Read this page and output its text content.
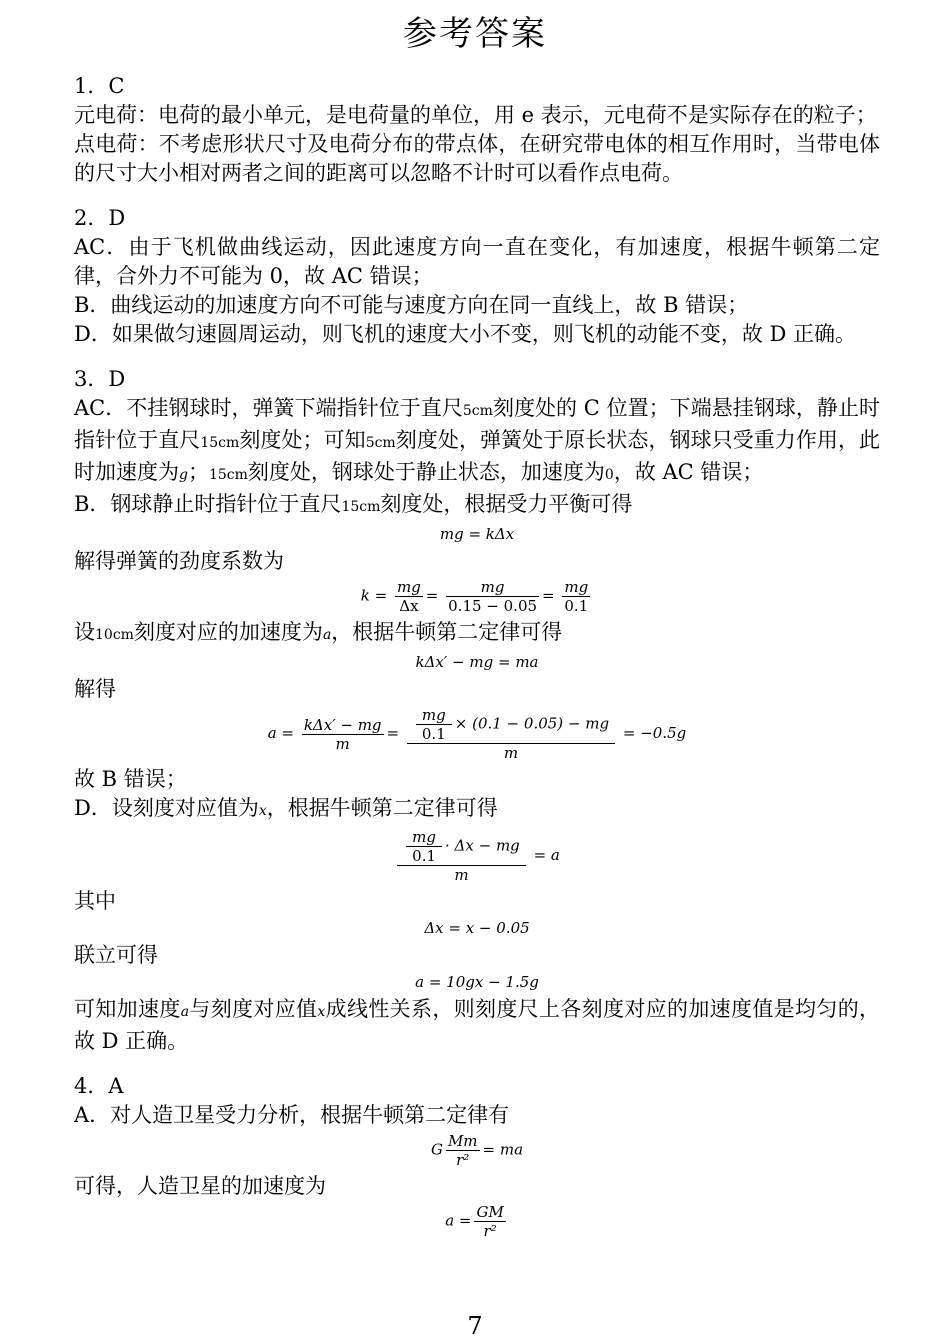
参考答案

1．C

元电荷：电荷的最小单元，是电荷量的单位，用 e 表示，元电荷不是实际存在的粒子；

点电荷：不考虑形状尺寸及电荷分布的带点体，在研究带电体的相互作用时，当带电体的尺寸大小相对两者之间的距离可以忽略不计时可以看作点电荷。

2．D

AC．由于飞机做曲线运动，因此速度方向一直在变化，有加速度，根据牛顿第二定律，合外力不可能为 0，故 AC 错误；

B．曲线运动的加速度方向不可能与速度方向在同一直线上，故 B 错误；

D．如果做匀速圆周运动，则飞机的速度大小不变，则飞机的动能不变，故 D 正确。

3．D

AC．不挂钢球时，弹簧下端指针位于直尺5cm刻度处的 C 位置；下端悬挂钢球，静止时指针位于直尺15cm刻度处；可知5cm刻度处，弹簧处于原长状态，钢球只受重力作用，此时加速度为g；15cm刻度处，钢球处于静止状态，加速度为0，故 AC 错误；

B．钢球静止时指针位于直尺15cm刻度处，根据受力平衡可得

mg = kΔx

解得弹簧的劲度系数为

$k = \frac{mg}{\Delta x} = \frac{mg}{0.15 - 0.05} = \frac{mg}{0.1}$

设10cm刻度对应的加速度为a，根据牛顿第二定律可得

kΔx′ − mg = ma

解得

$a = \frac{\text{kΔx′ − mg}}{m} = \frac{\frac{mg}{0.1} \times (0.1 - 0.05) - mg}{m} = -0.5g$

故 B 错误；

D．设刻度对应值为x，根据牛顿第二定律可得

$\frac{\frac{mg}{0.1} \cdot \Delta x - mg}{m} = a$

其中

Δx = x − 0.05

联立可得

a = 10gx − 1.5g

可知加速度a与刻度对应值x成线性关系，则刻度尺上各刻度对应的加速度值是均匀的，故 D 正确。

4．A

A．对人造卫星受力分析，根据牛顿第二定律有

G $\frac{Mm}{\text{r²}}$ = ma

可得，人造卫星的加速度为

$a = \frac{GM}{\text{r²}}$
7
